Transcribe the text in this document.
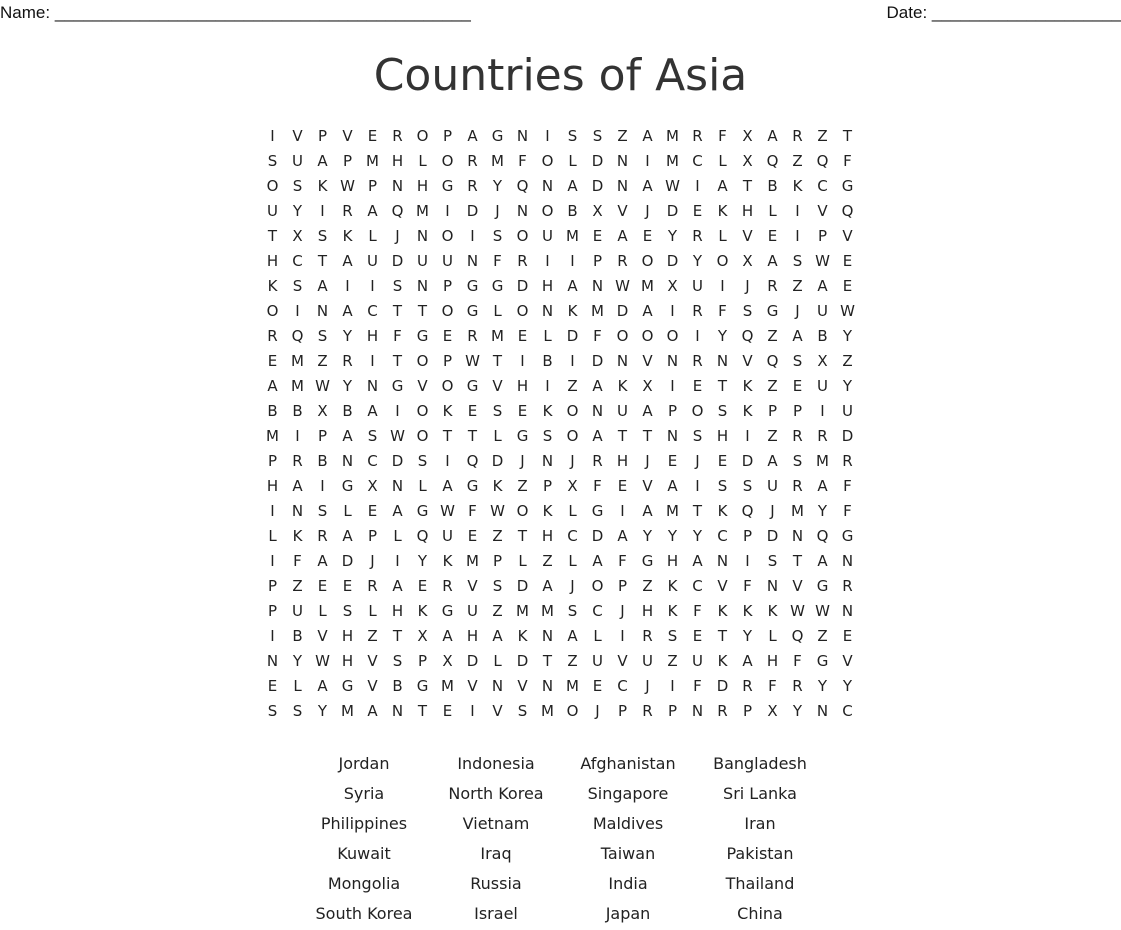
Name: ____________________________________________	Date: ____________________
Countries of Asia
I	V	P	V	E	R O P	A G N	I	S	S	Z A M R	F	X A R Z	T
S U A	P M H	L O R M F O L	D N	I	M C	L	X Q Z Q F
O S	K W P N H G R	Y Q N A D N A W	I	A	T	B K C G
U Y	I	R A Q M	I	D	J	N O B X V	J	D E	K H	L	I	V Q
T	X	S	K	L	J	N O	I	S O U M E	A	E	Y	R	L	V	E	I	P	V
H C	T	A U D U U N	F	R	I	I	P	R O D Y O X A	S W E
K	S	A	I	I	S N P G G D H A N W M X U	I	J	R Z A	E
O	I	N A C	T	T O G	L O N K M D A	I	R	F	S G	J	U W
R Q S	Y H	F G E	R M E	L	D F O O O	I	Y Q Z A B	Y
E M Z R	I	T O P W T	I	B	I	D N V N R N V Q S	X Z
A M W Y N G V O G V H	I	Z A K X	I	E	T	K Z	E U Y
B B X B A	I	O K	E	S	E	K O N U A	P O S	K	P	P	I	U
M	I	P	A	S W O T	T	L	G S O A	T	T N S H	I	Z R R D
P	R B N C D S	I	Q D	J	N	J	R H	J	E	J	E D A	S M R
H A	I	G X N	L	A G K Z	P	X	F	E	V A	I	S	S U R A	F
I	N S	L	E	A G W F W O K	L	G	I	A M T	K Q	J	M Y	F
L	K R A	P	L Q U E	Z	T H C D A	Y	Y	Y	C	P D N Q G
I	F	A D	J	I	Y	K M P	L	Z	L	A	F G H A N	I	S	T	A N
P	Z	E	E	R A	E	R V	S D A	J	O P	Z K C V	F	N V G R
P U	L	S	L	H K G U Z M M S C	J	H K	F	K	K	K W W N
I	B V H Z	T	X A H A K N A	L	I	R	S	E	T	Y	L Q Z	E
N Y W H V	S	P	X D	L	D T	Z U V U Z U K A H	F G V
E	L	A G V B G M V N V N M E	C	J	I	F D R	F	R	Y	Y
S	S	Y M A N T	E	I	V	S M O	J	P	R	P N R	P	X	Y N C
Jordan	Indonesia	Afghanistan	Bangladesh
Syria	North Korea	Singapore	Sri Lanka
Philippines	Vietnam	Maldives	Iran
Kuwait	Iraq	Taiwan	Pakistan
Mongolia	Russia	India	Thailand
South Korea	Israel	Japan	China
